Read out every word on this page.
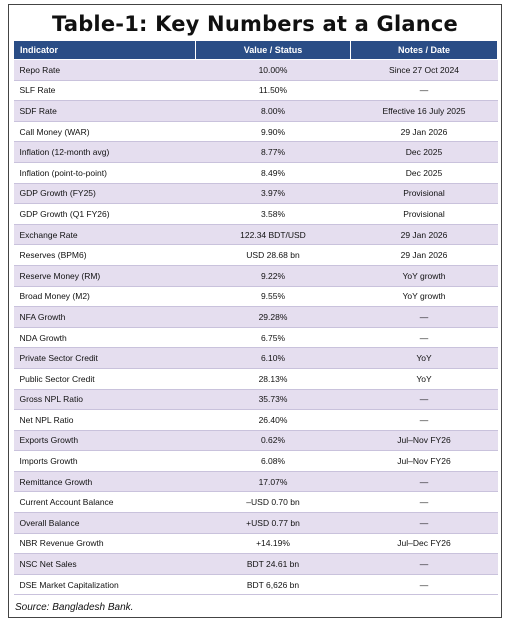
Table-1: Key Numbers at a Glance
Indicator	Value / Status	Notes / Date
Repo Rate	10.00%	Since 27 Oct 2024
SLF Rate	11.50%	—
SDF Rate	8.00%	Effective 16 July 2025
Call Money (WAR)	9.90%	29 Jan 2026
Inflation (12-month avg)	8.77%	Dec 2025
Inflation (point-to-point)	8.49%	Dec 2025
GDP Growth (FY25)	3.97%	Provisional
GDP Growth (Q1 FY26)	3.58%	Provisional
Exchange Rate	122.34 BDT/USD	29 Jan 2026
Reserves (BPM6)	USD 28.68 bn	29 Jan 2026
Reserve Money (RM)	9.22%	YoY growth
Broad Money (M2)	9.55%	YoY growth
NFA Growth	29.28%	—
NDA Growth	6.75%	—
Private Sector Credit	6.10%	YoY
Public Sector Credit	28.13%	YoY
Gross NPL Ratio	35.73%	—
Net NPL Ratio	26.40%	—
Exports Growth	0.62%	Jul–Nov FY26
Imports Growth	6.08%	Jul–Nov FY26
Remittance Growth	17.07%	—
Current Account Balance	–USD 0.70 bn	—
Overall Balance	+USD 0.77 bn	—
NBR Revenue Growth	+14.19%	Jul–Dec FY26
NSC Net Sales	BDT 24.61 bn	—
DSE Market Capitalization	BDT 6,626 bn	—
Source: Bangladesh Bank.
